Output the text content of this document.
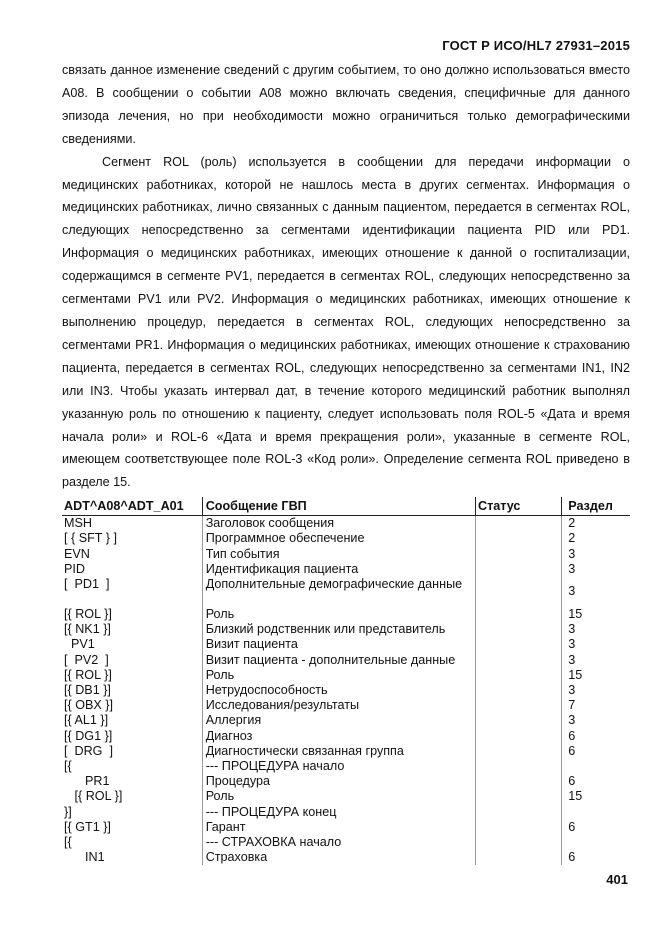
ГОСТ Р ИСО/HL7 27931–2015

связать данное изменение сведений с другим событием, то оно должно использоваться вместо A08. В сообщении о событии A08 можно включать сведения, специфичные для данного эпизода лечения, но при необходимости можно ограничиться только демографическими сведениями.

Сегмент ROL (роль) используется в сообщении для передачи информации о медицинских работниках, которой не нашлось места в других сегментах. Информация о медицинских работниках, лично связанных с данным пациентом, передается в сегментах ROL, следующих непосредственно за сегментами идентификации пациента PID или PD1. Информация о медицинских работниках, имеющих отношение к данной о госпитализации, содержащимся в сегменте PV1, передается в сегментах ROL, следующих непосредственно за сегментами PV1 или PV2. Информация о медицинских работниках, имеющих отношение к выполнению процедур, передается в сегментах ROL, следующих непосредственно за сегментами PR1. Информация о медицинских работниках, имеющих отношение к страхованию пациента, передается в сегментах ROL, следующих непосредственно за сегментами IN1, IN2 или IN3. Чтобы указать интервал дат, в течение которого медицинский работник выполнял указанную роль по отношению к пациенту, следует использовать поля ROL-5 «Дата и время начала роли» и ROL-6 «Дата и время прекращения роли», указанные в сегменте ROL, имеющем соответствующее поле ROL-3 «Код роли». Определение сегмента ROL приведено в разделе 15.

ADT^A08^ADT_A01	Сообщение ГВП	Статус	Раздел
MSH	Заголовок сообщения		2
[ { SFT } ]	Программное обеспечение		2
EVN	Тип события		3
PID	Идентификация пациента		3
[  PD1  ]	Дополнительные демографические данные		3
[{ ROL }]	Роль		15
[{ NK1 }]	Близкий родственник или представитель		3
PV1	Визит пациента		3
[  PV2  ]	Визит пациента - дополнительные данные		3
[{ ROL }]	Роль		15
[{ DB1 }]	Нетрудоспособность		3
[{ OBX }]	Исследования/результаты		7
[{ AL1 }]	Аллергия		3
[{ DG1 }]	Диагноз		6
[  DRG  ]	Диагностически связанная группа		6
[{	--- ПРОЦЕДУРА начало		
PR1	Процедура		6
[{ ROL }]	Роль		15
}]	--- ПРОЦЕДУРА конец		
[{ GT1 }]	Гарант		6
[{	--- СТРАХОВКА начало		
IN1	Страховка		6
401
